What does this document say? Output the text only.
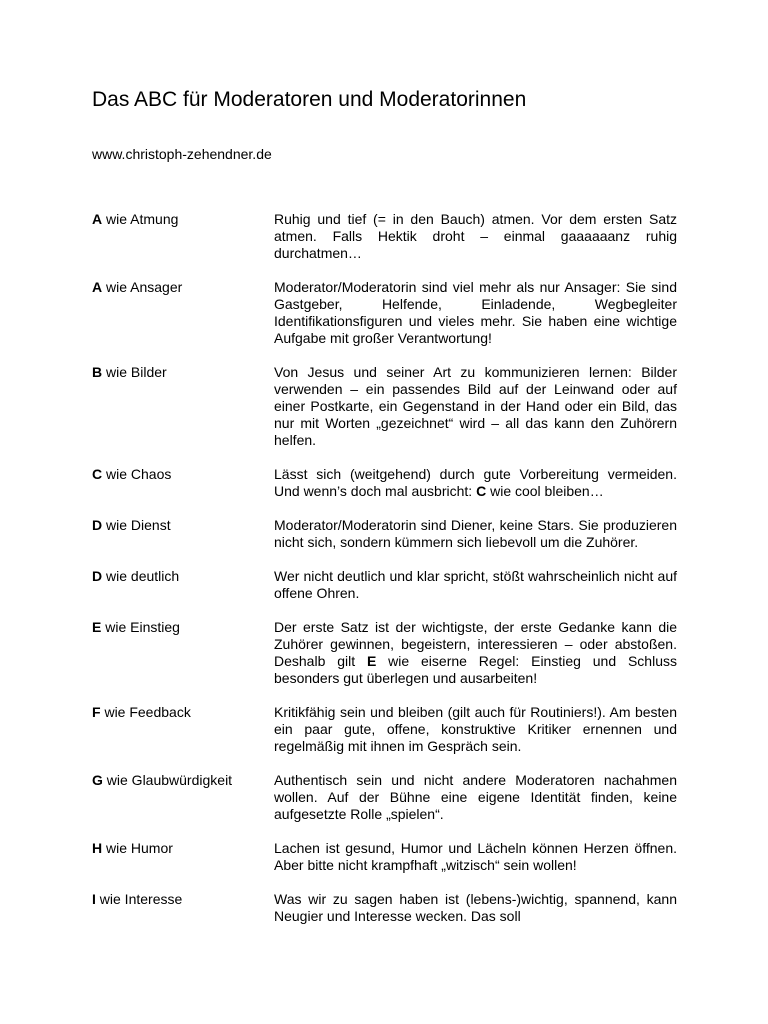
Das ABC für Moderatoren und Moderatorinnen
www.christoph-zehendner.de
A wie Atmung	Ruhig und tief (= in den Bauch) atmen. Vor dem ersten Satz atmen. Falls Hektik droht – einmal gaaaaaanz ruhig durchatmen…
A wie Ansager	Moderator/Moderatorin sind viel mehr als nur Ansager: Sie sind Gastgeber, Helfende, Einladende, Wegbegleiter Identifikationsfiguren und vieles mehr. Sie haben eine wichtige Aufgabe mit großer Verantwortung!
B wie Bilder	Von Jesus und seiner Art zu kommunizieren lernen: Bilder verwenden – ein passendes Bild auf der Leinwand oder auf einer Postkarte, ein Gegenstand in der Hand oder ein Bild, das nur mit Worten „gezeichnet“ wird – all das kann den Zuhörern helfen.
C wie Chaos	Lässt sich (weitgehend) durch gute Vorbereitung vermeiden. Und wenn’s doch mal ausbricht: C wie cool bleiben…
D wie Dienst	Moderator/Moderatorin sind Diener, keine Stars. Sie produzieren nicht sich, sondern kümmern sich liebevoll um die Zuhörer.
D wie deutlich	Wer nicht deutlich und klar spricht, stößt wahrscheinlich nicht auf offene Ohren.
E wie Einstieg	Der erste Satz ist der wichtigste, der erste Gedanke kann die Zuhörer gewinnen, begeistern, interessieren – oder abstoßen. Deshalb gilt E wie eiserne Regel: Einstieg und Schluss besonders gut überlegen und ausarbeiten!
F wie Feedback	Kritikfähig sein und bleiben (gilt auch für Routiniers!). Am besten ein paar gute, offene, konstruktive Kritiker ernennen und regelmäßig mit ihnen im Gespräch sein.
G wie Glaubwürdigkeit	Authentisch sein und nicht andere Moderatoren nachahmen wollen. Auf der Bühne eine eigene Identität finden, keine aufgesetzte Rolle „spielen“.
H wie Humor	Lachen ist gesund, Humor und Lächeln können Herzen öffnen. Aber bitte nicht krampfhaft „witzisch“ sein wollen!
I wie Interesse	Was wir zu sagen haben ist (lebens-)wichtig, spannend, kann Neugier und Interesse wecken. Das soll
